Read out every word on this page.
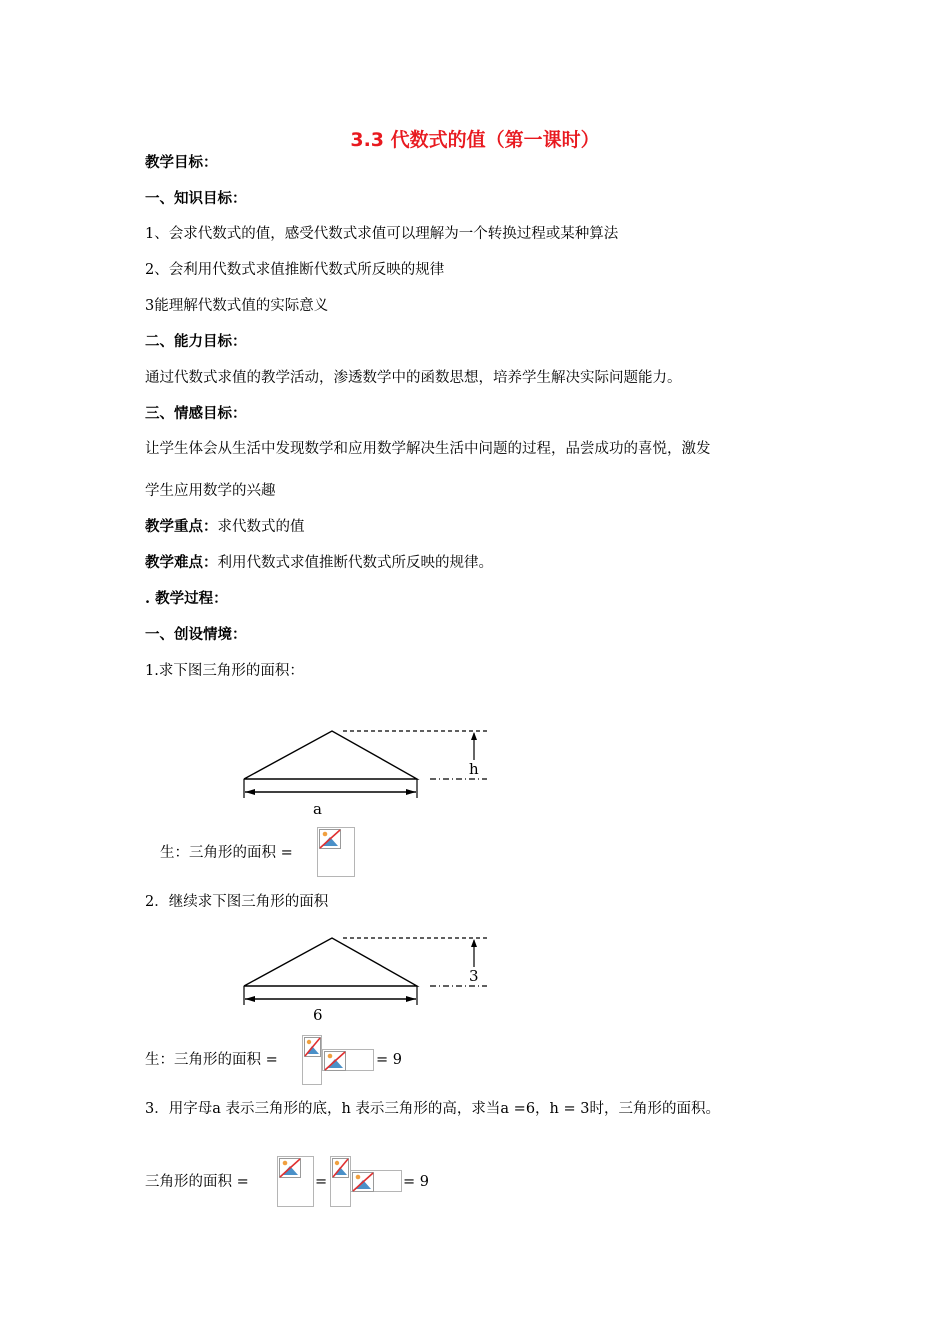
3.3 代数式的值（第一课时）
教学目标：
一、知识目标：
1、会求代数式的值，感受代数式求值可以理解为一个转换过程或某种算法
2、会利用代数式求值推断代数式所反映的规律
3能理解代数式值的实际意义
二、能力目标：
通过代数式求值的教学活动，渗透数学中的函数思想，培养学生解决实际问题能力。
三、情感目标：
让学生体会从生活中发现数学和应用数学解决生活中问题的过程，品尝成功的喜悦，激发
学生应用数学的兴趣
教学重点：求代数式的值
教学难点：利用代数式求值推断代数式所反映的规律。
. 教学过程：
一、创设情境：
1.求下图三角形的面积：
a
h
生：三角形的面积 =
2．继续求下图三角形的面积
6
3
生：三角形的面积 =	= 9
3．用字母a 表示三角形的底，h 表示三角形的高，求当a =6，h = 3时，三角形的面积。
三角形的面积 =	=	= 9
